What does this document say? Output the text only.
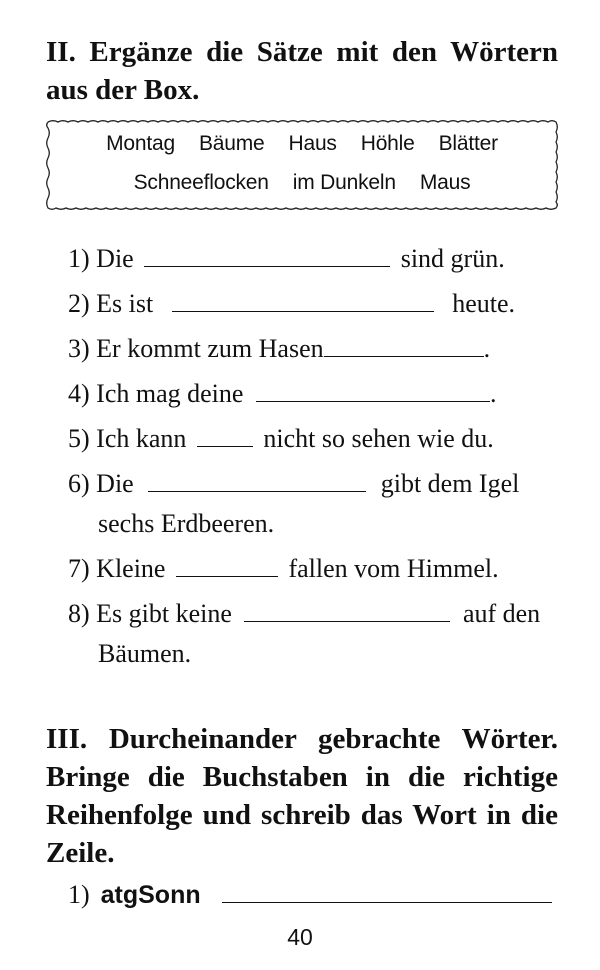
II. Ergänze die Sätze mit den Wörtern aus der Box.
Montag Bäume Haus Höhle Blätter
Schneeflocken im Dunkeln Maus
1) Die	sind grün.
2) Es ist	heute.
3) Er kommt zum Hasen	.
4) Ich mag deine	.
5) Ich kann	nicht so sehen wie du.
6) Die	gibt dem Igel
sechs Erdbeeren.
7) Kleine	fallen vom Himmel.
8) Es gibt keine	auf den
Bäumen.
III. Durcheinander gebrachte Wörter. Bringe die Buchstaben in die richtige Reihenfolge und schreib das Wort in die Zeile.
1) atgSonn
40
